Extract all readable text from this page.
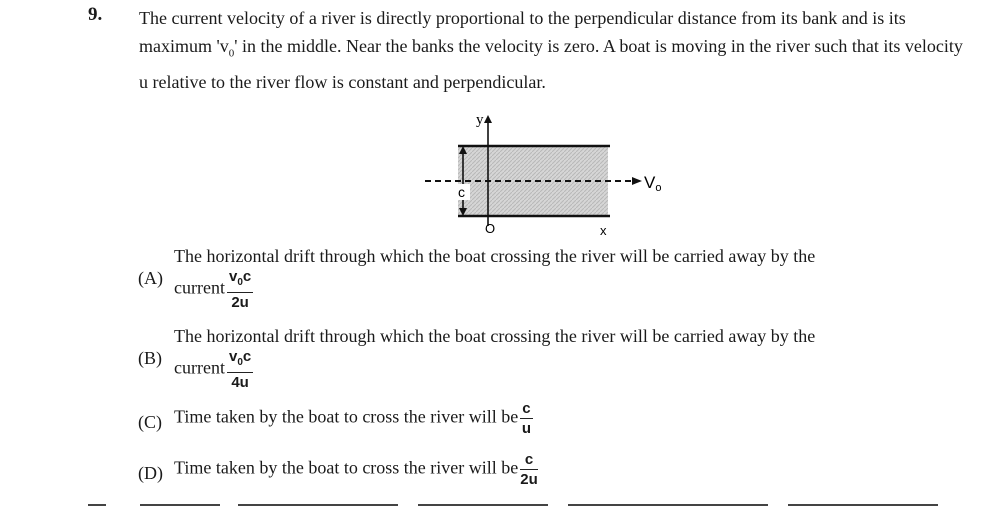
9. The current velocity of a river is directly proportional to the perpendicular distance from its bank and is its maximum '$v_0$' in the middle. Near the banks the velocity is zero. A boat is moving in the river such that its velocity u relative to the river flow is constant and perpendicular.

y
c	Vo
O	x
The horizontal drift through which the boat crossing the river will be carried away by the
(A) current $\frac{v_0c}{2u}$
The horizontal drift through which the boat crossing the river will be carried away by the
(B) current $\frac{v_0c}{4u}$
(C) Time taken by the boat to cross the river will be $\frac{c}{u}$
(D) Time taken by the boat to cross the river will be $\frac{c}{2u}$
